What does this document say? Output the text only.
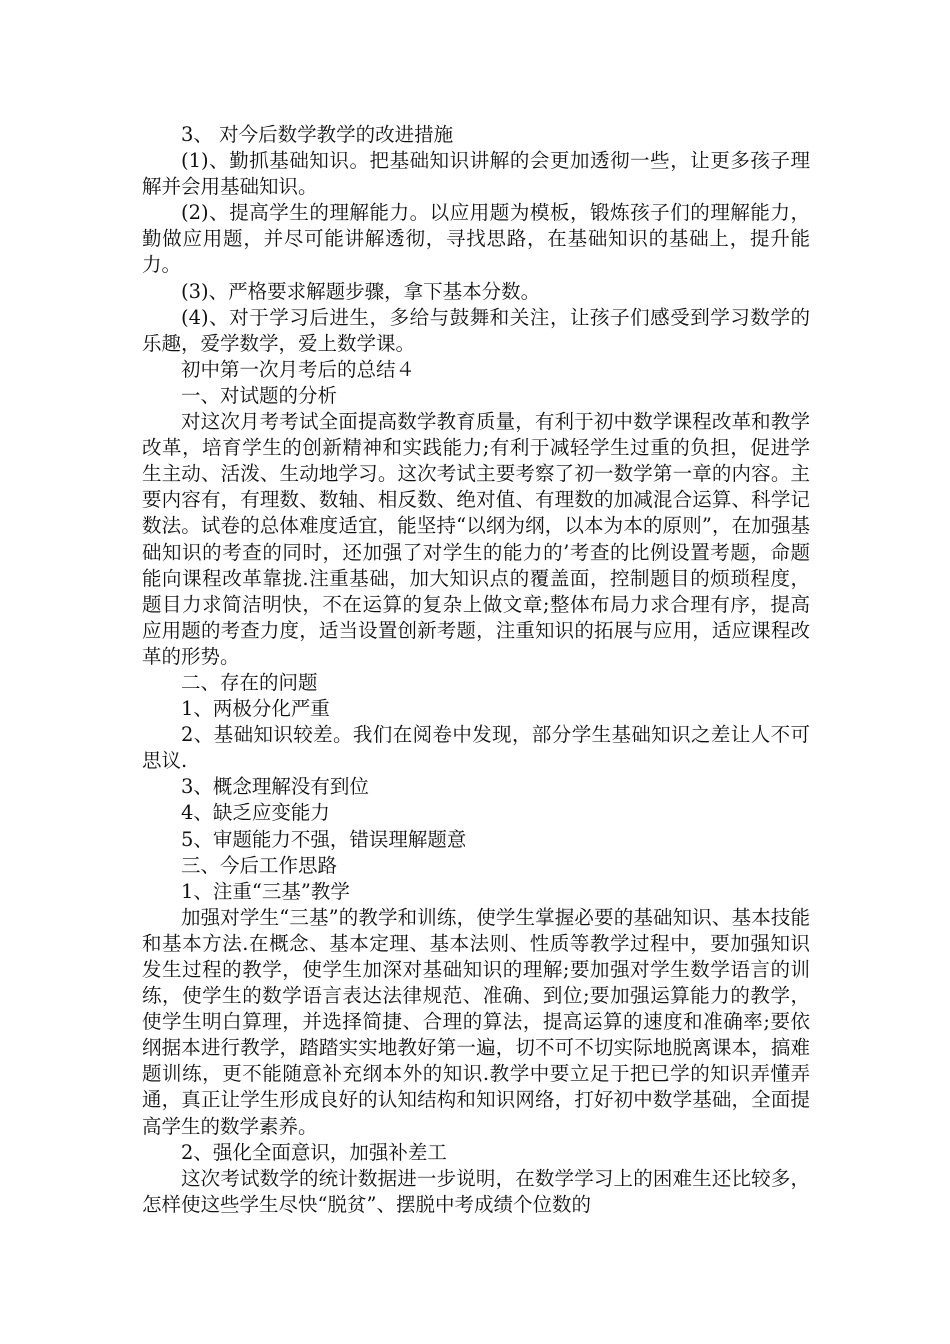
3、 对今后数学教学的改进措施

(1)、勤抓基础知识。把基础知识讲解的会更加透彻一些，让更多孩子理解并会用基础知识。

(2)、提高学生的理解能力。以应用题为模板，锻炼孩子们的理解能力，勤做应用题，并尽可能讲解透彻，寻找思路，在基础知识的基础上，提升能力。

(3)、严格要求解题步骤，拿下基本分数。

(4)、对于学习后进生，多给与鼓舞和关注，让孩子们感受到学习数学的乐趣，爱学数学，爱上数学课。

初中第一次月考后的总结４

一、对试题的分析

对这次月考考试全面提高数学教育质量，有利于初中数学课程改革和教学改革，培育学生的创新精神和实践能力;有利于减轻学生过重的负担，促进学生主动、活泼、生动地学习。这次考试主要考察了初一数学第一章的内容。主要内容有，有理数、数轴、相反数、绝对值、有理数的加减混合运算、科学记数法。试卷的总体难度适宜，能坚持“以纲为纲，以本为本的原则”，在加强基础知识的考查的同时，还加强了对学生的能力的’考查的比例设置考题，命题能向课程改革靠拢.注重基础，加大知识点的覆盖面，控制题目的烦琐程度，题目力求简洁明快，不在运算的复杂上做文章;整体布局力求合理有序，提高应用题的考查力度，适当设置创新考题，注重知识的拓展与应用，适应课程改革的形势。

二、存在的问题

1、两极分化严重

2、基础知识较差。我们在阅卷中发现，部分学生基础知识之差让人不可思议.

3、概念理解没有到位

4、缺乏应变能力

5、审题能力不强，错误理解题意

三、今后工作思路

1、注重“三基”教学

加强对学生“三基”的教学和训练，使学生掌握必要的基础知识、基本技能和基本方法.在概念、基本定理、基本法则、性质等教学过程中，要加强知识发生过程的教学，使学生加深对基础知识的理解;要加强对学生数学语言的训练，使学生的数学语言表达法律规范、准确、到位;要加强运算能力的教学，使学生明白算理，并选择简捷、合理的算法，提高运算的速度和准确率;要依纲据本进行教学，踏踏实实地教好第一遍，切不可不切实际地脱离课本，搞难题训练，更不能随意补充纲本外的知识.教学中要立足于把已学的知识弄懂弄通，真正让学生形成良好的认知结构和知识网络，打好初中数学基础，全面提高学生的数学素养。

2、强化全面意识，加强补差工

这次考试数学的统计数据进一步说明，在数学学习上的困难生还比较多，怎样使这些学生尽快“脱贫”、摆脱中考成绩个位数的
